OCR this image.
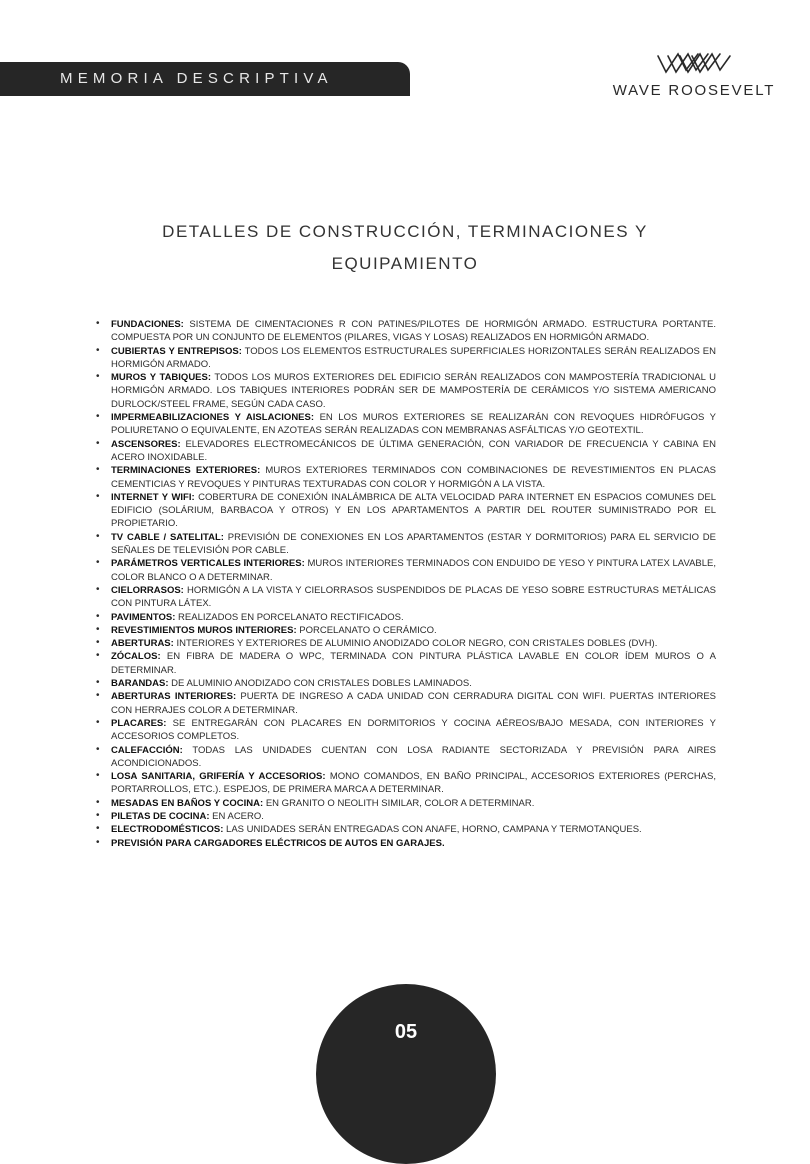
MEMORIA DESCRIPTIVA
WAVE ROOSEVELT
DETALLES DE CONSTRUCCIÓN, TERMINACIONES Y
EQUIPAMIENTO
• FUNDACIONES: SISTEMA DE CIMENTACIONES R CON PATINES/PILOTES DE HORMIGÓN ARMADO. ESTRUCTURA PORTANTE. COMPUESTA POR UN CONJUNTO DE ELEMENTOS (PILARES, VIGAS Y LOSAS) REALIZADOS EN HORMIGÓN ARMADO.
• CUBIERTAS Y ENTREPISOS: TODOS LOS ELEMENTOS ESTRUCTURALES SUPERFICIALES HORIZONTALES SERÁN REALIZADOS EN HORMIGÓN ARMADO.
• MUROS Y TABIQUES: TODOS LOS MUROS EXTERIORES DEL EDIFICIO SERÁN REALIZADOS CON MAMPOSTERÍA TRADICIONAL U HORMIGÓN ARMADO. LOS TABIQUES INTERIORES PODRÁN SER DE MAMPOSTERÍA DE CERÁMICOS Y/O SISTEMA AMERICANO DURLOCK/STEEL FRAME, SEGÚN CADA CASO.
• IMPERMEABILIZACIONES Y AISLACIONES: EN LOS MUROS EXTERIORES SE REALIZARÁN CON REVOQUES HIDRÓFUGOS Y POLIURETANO O EQUIVALENTE, EN AZOTEAS SERÁN REALIZADAS CON MEMBRANAS ASFÁLTICAS Y/O GEOTEXTIL.
• ASCENSORES: ELEVADORES ELECTROMECÁNICOS DE ÚLTIMA GENERACIÓN, CON VARIADOR DE FRECUENCIA Y CABINA EN ACERO INOXIDABLE.
• TERMINACIONES EXTERIORES: MUROS EXTERIORES TERMINADOS CON COMBINACIONES DE REVESTIMIENTOS EN PLACAS CEMENTICIAS Y REVOQUES Y PINTURAS TEXTURADAS CON COLOR Y HORMIGÓN A LA VISTA.
• INTERNET Y WIFI: COBERTURA DE CONEXIÓN INALÁMBRICA DE ALTA VELOCIDAD PARA INTERNET EN ESPACIOS COMUNES DEL EDIFICIO (SOLÁRIUM, BARBACOA Y OTROS) Y EN LOS APARTAMENTOS A PARTIR DEL ROUTER SUMINISTRADO POR EL PROPIETARIO.
• TV CABLE / SATELITAL: PREVISIÓN DE CONEXIONES EN LOS APARTAMENTOS (ESTAR Y DORMITORIOS) PARA EL SERVICIO DE SEÑALES DE TELEVISIÓN POR CABLE.
• PARÁMETROS VERTICALES INTERIORES: MUROS INTERIORES TERMINADOS CON ENDUIDO DE YESO Y PINTURA LATEX LAVABLE, COLOR BLANCO O A DETERMINAR.
• CIELORRASOS: HORMIGÓN A LA VISTA Y CIELORRASOS SUSPENDIDOS DE PLACAS DE YESO SOBRE ESTRUCTURAS METÁLICAS CON PINTURA LÁTEX.
• PAVIMENTOS: REALIZADOS EN PORCELANATO RECTIFICADOS.
• REVESTIMIENTOS MUROS INTERIORES: PORCELANATO O CERÁMICO.
• ABERTURAS: INTERIORES Y EXTERIORES DE ALUMINIO ANODIZADO COLOR NEGRO, CON CRISTALES DOBLES (DVH).
• ZÓCALOS: EN FIBRA DE MADERA O WPC, TERMINADA CON PINTURA PLÁSTICA LAVABLE EN COLOR ÍDEM MUROS O A DETERMINAR.
• BARANDAS: DE ALUMINIO ANODIZADO CON CRISTALES DOBLES LAMINADOS.
• ABERTURAS INTERIORES: PUERTA DE INGRESO A CADA UNIDAD CON CERRADURA DIGITAL CON WIFI. PUERTAS INTERIORES CON HERRAJES COLOR A DETERMINAR.
• PLACARES: SE ENTREGARÁN CON PLACARES EN DORMITORIOS Y COCINA AÉREOS/BAJO MESADA, CON INTERIORES Y ACCESORIOS COMPLETOS.
• CALEFACCIÓN: TODAS LAS UNIDADES CUENTAN CON LOSA RADIANTE SECTORIZADA Y PREVISIÓN PARA AIRES ACONDICIONADOS.
• LOSA SANITARIA, GRIFERÍA Y ACCESORIOS: MONO COMANDOS, EN BAÑO PRINCIPAL, ACCESORIOS EXTERIORES (PERCHAS, PORTARROLLOS, ETC.). ESPEJOS, DE PRIMERA MARCA A DETERMINAR.
• MESADAS EN BAÑOS Y COCINA: EN GRANITO O NEOLITH SIMILAR, COLOR A DETERMINAR.
• PILETAS DE COCINA: EN ACERO.
• ELECTRODOMÉSTICOS: LAS UNIDADES SERÁN ENTREGADAS CON ANAFE, HORNO, CAMPANA Y TERMOTANQUES.
• PREVISIÓN PARA CARGADORES ELÉCTRICOS DE AUTOS EN GARAJES.
05
